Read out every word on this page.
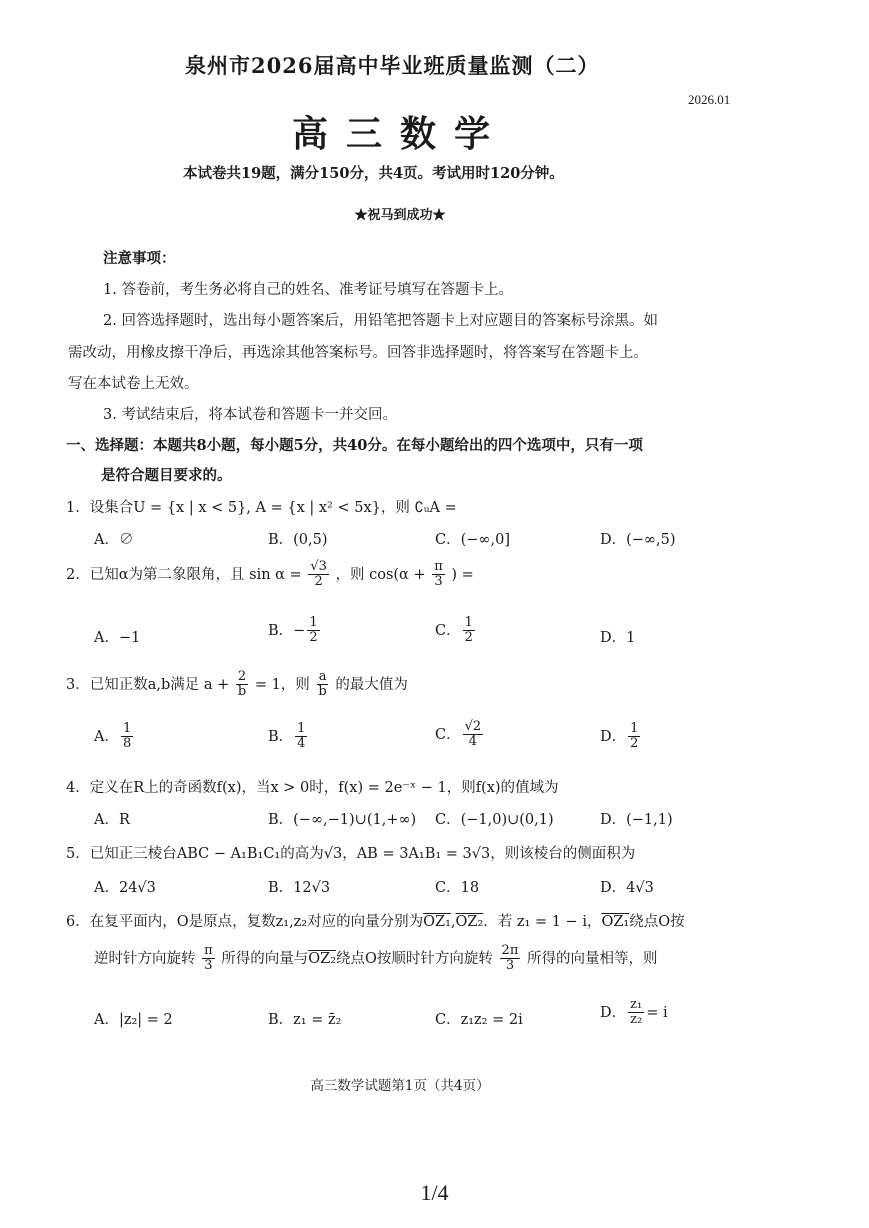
泉州市2026届高中毕业班质量监测（二）
2026.01
高三数学
本试卷共19题，满分150分，共4页。考试用时120分钟。
★祝马到成功★
注意事项：
1. 答卷前，考生务必将自己的姓名、准考证号填写在答题卡上。
2. 回答选择题时，选出每小题答案后，用铅笔把答题卡上对应题目的答案标号涂黑。如
需改动，用橡皮擦干净后，再选涂其他答案标号。回答非选择题时，将答案写在答题卡上。
写在本试卷上无效。
3. 考试结束后，将本试卷和答题卡一并交回。
一、选择题：本题共8小题，每小题5分，共40分。在每小题给出的四个选项中，只有一项
是符合题目要求的。
1．设集合U = {x | x < 5}, A = {x | x² < 5x}，则 ∁ᵤA =
A．∅	B．(0,5)	C．(−∞,0]	D．(−∞,5)
2．已知α为第二象限角，且 $\sin \alpha = \frac{√3}{2}$ ，则 $\cos(\alpha + \frac{\pi}{3}$ ) =
A．−1	B．− $\frac{1}{2}$	C． $\frac{1}{2}$	D．1
3．已知正数a,b满足 $a + \frac{2}{b} = 1$，则 $\frac{a}{b}$ 的最大值为
A． $\frac{1}{8}$	B． $\frac{1}{4}$	C． $\frac{√2}{4}$	D． $\frac{1}{2}$
4．定义在R上的奇函数f(x)，当x > 0时，f(x) = 2e⁻ˣ − 1，则f(x)的值域为
A．R	B．(−∞,−1)∪(1,+∞) C．(−1,0)∪(0,1)	D．(−1,1)
5．已知正三棱台ABC − A₁B₁C₁的高为√3，AB = 3A₁B₁ = 3√3，则该棱台的侧面积为
A．24√3	B．12√3	C．18	D．4√3
6．在复平面内，O是原点，复数z₁,z₂对应的向量分别为OZ₁,OZ₂．若 z₁ = 1 − i，OZ₁绕点O按
逆时针方向旋转 $\frac{\pi}{3}$ 所得的向量与OZ₂绕点O按顺时针方向旋转 $\frac{2\pi}{3}$ 所得的向量相等，则
A．|z₂| = 2	B．z₁ = z̄₂	C．z₁z₂ = 2i	D． $\frac{\text{z₁}}{\text{z₂}} = i$
高三数学试题第1页（共4页）
1/4
